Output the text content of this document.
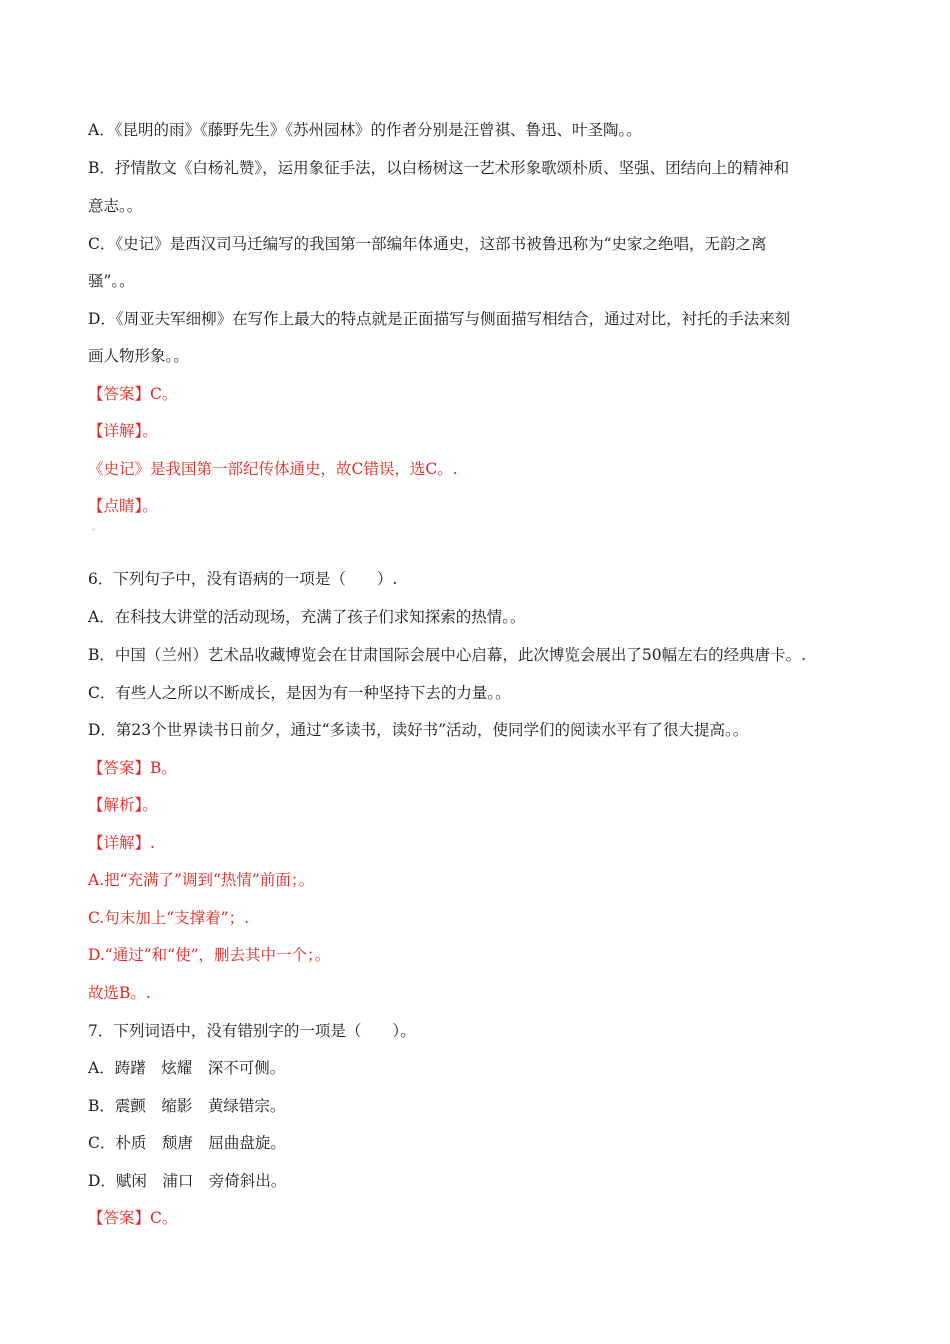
A．《昆明的雨》《藤野先生》《苏州园林》的作者分别是汪曾祺、鲁迅、叶圣陶。。
B．抒情散文《白杨礼赞》，运用象征手法，以白杨树这一艺术形象歌颂朴质、坚强、团结向上的精神和
意志。。
C．《史记》是西汉司马迁编写的我国第一部编年体通史，这部书被鲁迅称为“史家之绝唱，无韵之离
骚”。。
D．《周亚夫军细柳》在写作上最大的特点就是正面描写与侧面描写相结合，通过对比，衬托的手法来刻
画人物形象。。
【答案】C。
【详解】。
《史记》是我国第一部纪传体通史，故C错误，选C。.
【点睛】。
。
6．下列句子中，没有语病的一项是（　　）.
A．在科技大讲堂的活动现场，充满了孩子们求知探索的热情。。
B．中国（兰州）艺术品收藏博览会在甘肃国际会展中心启幕，此次博览会展出了50幅左右的经典唐卡。.
C．有些人之所以不断成长，是因为有一种坚持下去的力量。。
D．第23个世界读书日前夕，通过“多读书，读好书”活动，使同学们的阅读水平有了很大提高。。
【答案】B。
【解析】。
【详解】.
A.把“充满了”调到“热情”前面；。
C.句末加上“支撑着”；.
D.“通过”和“使”，删去其中一个；。
故选B。.
7．下列词语中，没有错别字的一项是（　　）。
A．踌躇　炫耀　深不可侧。
B．震颤　缩影　黄绿错宗。
C．朴质　颓唐　屈曲盘旋。
D．赋闲　浦口　旁倚斜出。
【答案】C。
